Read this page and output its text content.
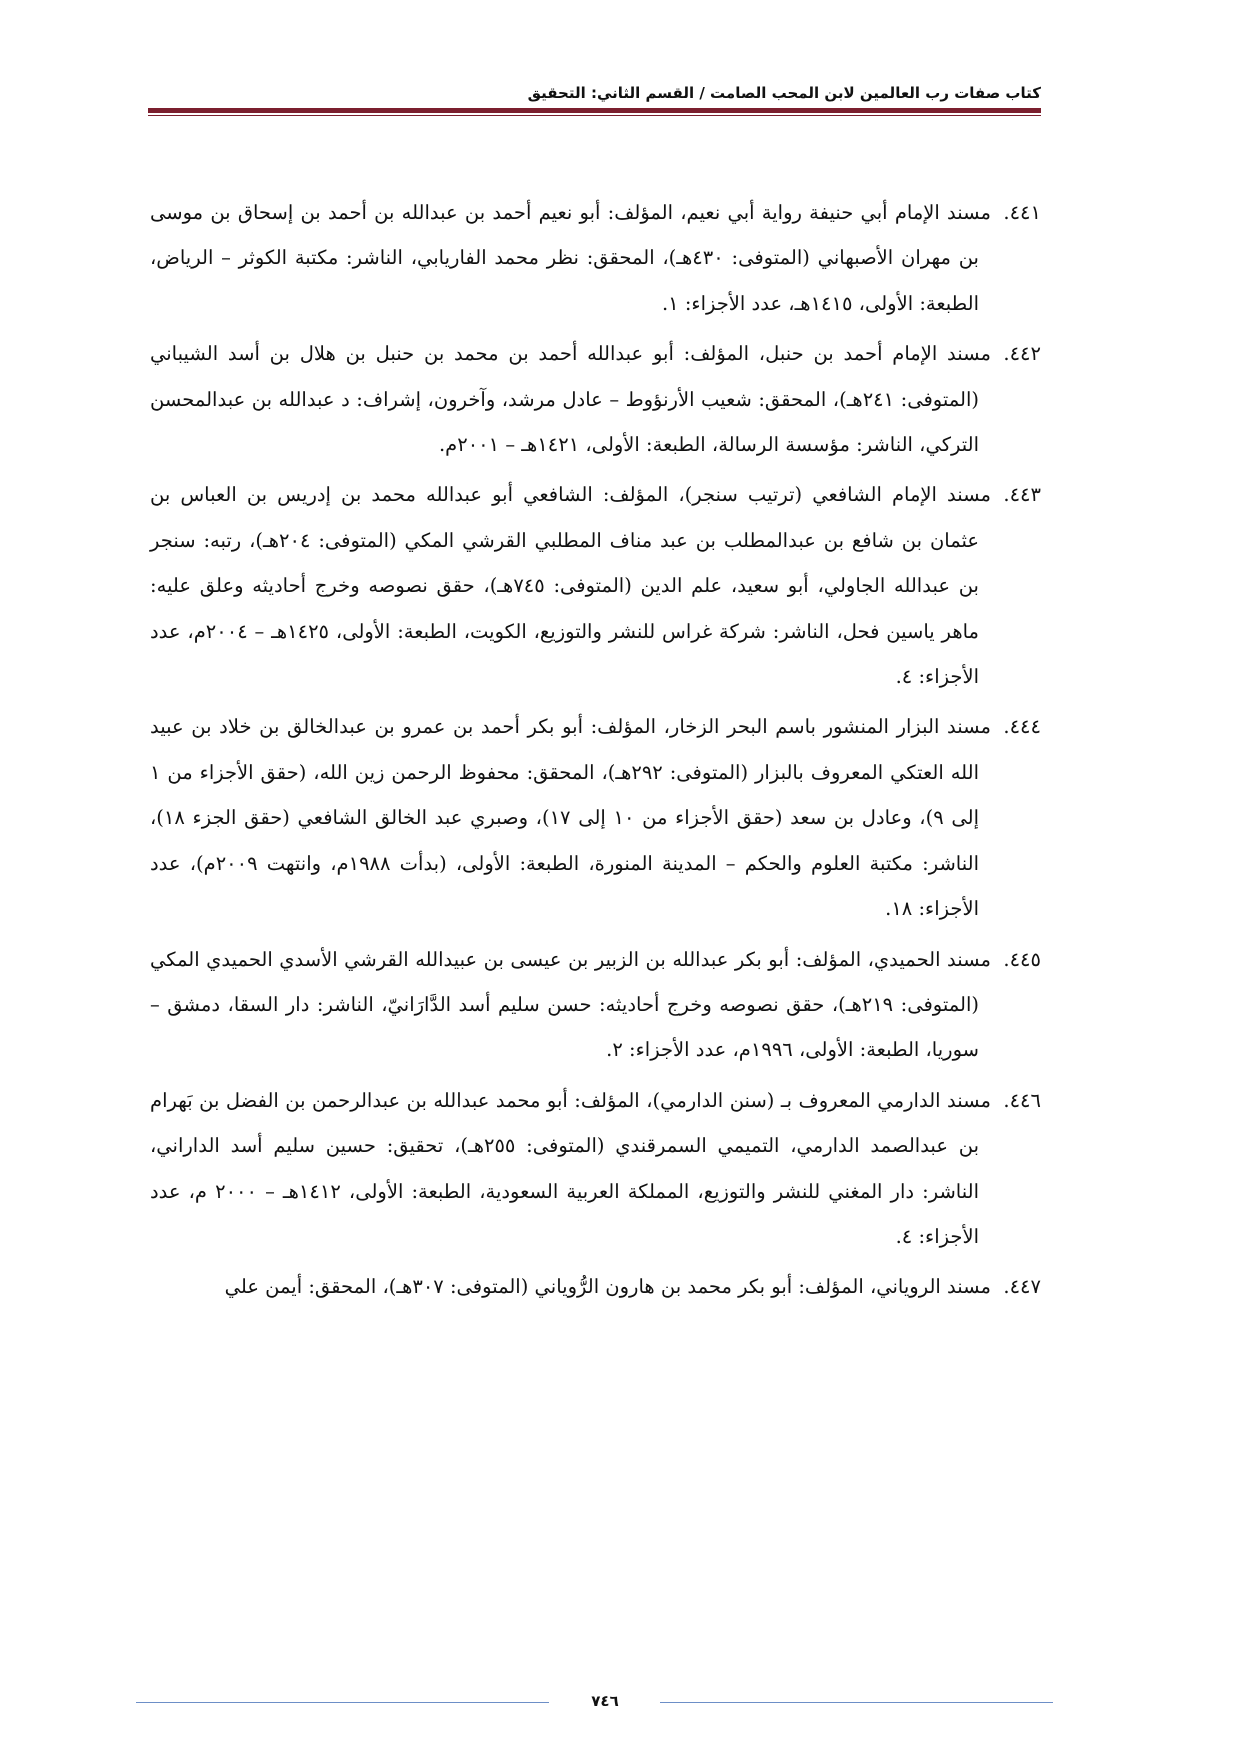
كتاب صفات رب العالمين لابن المحب الصامت / القسم الثاني: التحقيق

٤٤١.مسند الإمام أبي حنيفة رواية أبي نعيم، المؤلف: أبو نعيم أحمد بن عبدالله بن أحمد بن إسحاق بن موسى بن مهران الأصبهاني (المتوفى: ٤٣٠هـ)، المحقق: نظر محمد الفاريابي، الناشر: مكتبة الكوثر – الرياض، الطبعة: الأولى، ١٤١٥هـ، عدد الأجزاء: ١.

٤٤٢.مسند الإمام أحمد بن حنبل، المؤلف: أبو عبدالله أحمد بن محمد بن حنبل بن هلال بن أسد الشيباني (المتوفى: ٢٤١هـ)، المحقق: شعيب الأرنؤوط – عادل مرشد، وآخرون، إشراف: د عبدالله بن عبدالمحسن التركي، الناشر: مؤسسة الرسالة، الطبعة: الأولى، ١٤٢١هـ – ٢٠٠١م.

٤٤٣.مسند الإمام الشافعي (ترتيب سنجر)، المؤلف: الشافعي أبو عبدالله محمد بن إدريس بن العباس بن عثمان بن شافع بن عبدالمطلب بن عبد مناف المطلبي القرشي المكي (المتوفى: ٢٠٤هـ)، رتبه: سنجر بن عبدالله الجاولي، أبو سعيد، علم الدين (المتوفى: ٧٤٥هـ)، حقق نصوصه وخرج أحاديثه وعلق عليه: ماهر ياسين فحل، الناشر: شركة غراس للنشر والتوزيع، الكويت، الطبعة: الأولى، ١٤٢٥هـ – ٢٠٠٤م، عدد الأجزاء: ٤.

٤٤٤.مسند البزار المنشور باسم البحر الزخار، المؤلف: أبو بكر أحمد بن عمرو بن عبدالخالق بن خلاد بن عبيد الله العتكي المعروف بالبزار (المتوفى: ٢٩٢هـ)، المحقق: محفوظ الرحمن زين الله، (حقق الأجزاء من ١ إلى ٩)، وعادل بن سعد (حقق الأجزاء من ١٠ إلى ١٧)، وصبري عبد الخالق الشافعي (حقق الجزء ١٨)، الناشر: مكتبة العلوم والحكم – المدينة المنورة، الطبعة: الأولى، (بدأت ١٩٨٨م، وانتهت ٢٠٠٩م)، عدد الأجزاء: ١٨.

٤٤٥.مسند الحميدي، المؤلف: أبو بكر عبدالله بن الزبير بن عيسى بن عبيدالله القرشي الأسدي الحميدي المكي (المتوفى: ٢١٩هـ)، حقق نصوصه وخرج أحاديثه: حسن سليم أسد الدَّارَانيّ، الناشر: دار السقا، دمشق – سوريا، الطبعة: الأولى، ١٩٩٦م، عدد الأجزاء: ٢.

٤٤٦.مسند الدارمي المعروف بـ (سنن الدارمي)، المؤلف: أبو محمد عبدالله بن عبدالرحمن بن الفضل بن بَهرام بن عبدالصمد الدارمي، التميمي السمرقندي (المتوفى: ٢٥٥هـ)، تحقيق: حسين سليم أسد الداراني، الناشر: دار المغني للنشر والتوزيع، المملكة العربية السعودية، الطبعة: الأولى، ١٤١٢هـ – ٢٠٠٠ م، عدد الأجزاء: ٤.

٤٤٧.مسند الروياني، المؤلف: أبو بكر محمد بن هارون الرُّوياني (المتوفى: ٣٠٧هـ)، المحقق: أيمن علي

٧٤٦
